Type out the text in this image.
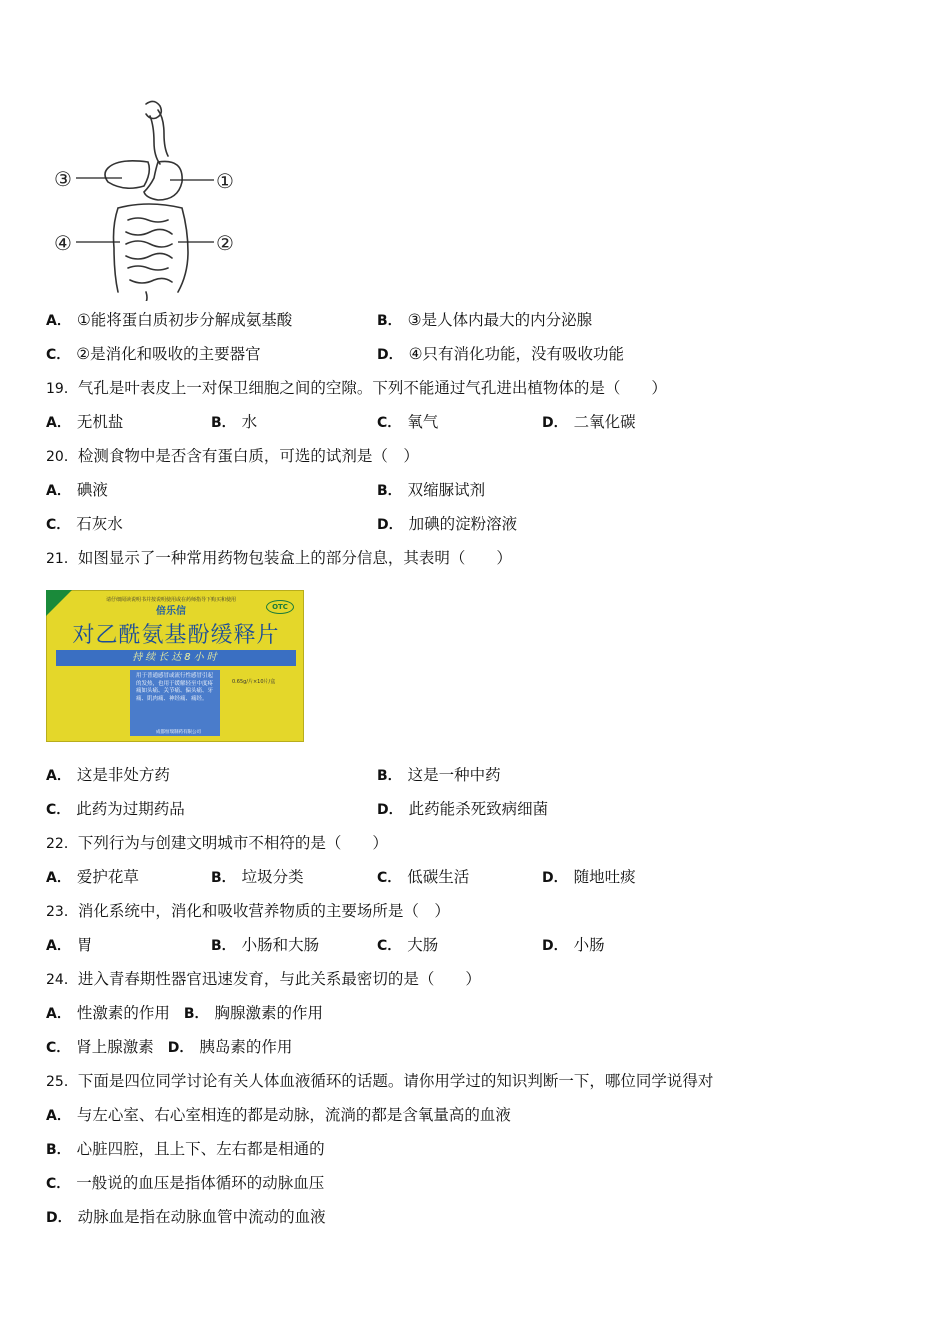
③	①
④	②
A． ①能将蛋白质初步分解成氨基酸	B． ③是人体内最大的内分泌腺
C． ②是消化和吸收的主要器官	D． ④只有消化功能，没有吸收功能
19．气孔是叶表皮上一对保卫细胞之间的空隙。下列不能通过气孔进出植物体的是（　　）
A． 无机盐	B． 水	C． 氧气	D． 二氧化碳
20．检测食物中是否含有蛋白质，可选的试剂是（　）
A． 碘液	B． 双缩脲试剂
C． 石灰水	D． 加碘的淀粉溶液
21．如图显示了一种常用药物包装盒上的部分信息，其表明（　　）
请仔细阅读说明书并按说明使用或在药师指导下购买和使用
倍乐信	OTC
对乙酰氨基酚缓释片
持续长达8小时
用于普通感冒或流行性感冒引起的发热，也用于缓解轻至中度疼痛如头痛、关节痛、偏头痛、牙痛、肌肉痛、神经痛、痛经。
0.65g/片×10片/盒
成都恒瑞制药有限公司
A． 这是非处方药	B． 这是一种中药
C． 此药为过期药品	D． 此药能杀死致病细菌
22．下列行为与创建文明城市不相符的是（　　）
A． 爱护花草	B． 垃圾分类	C． 低碳生活	D． 随地吐痰
23．消化系统中，消化和吸收营养物质的主要场所是（　）
A． 胃	B． 小肠和大肠	C． 大肠	D． 小肠
24．进入青春期性器官迅速发育，与此关系最密切的是（　　）
A． 性激素的作用 B． 胸腺激素的作用
C． 肾上腺激素 D． 胰岛素的作用
25．下面是四位同学讨论有关人体血液循环的话题。请你用学过的知识判断一下，哪位同学说得对
A． 与左心室、右心室相连的都是动脉，流淌的都是含氧量高的血液
B． 心脏四腔，且上下、左右都是相通的
C． 一般说的血压是指体循环的动脉血压
D． 动脉血是指在动脉血管中流动的血液
